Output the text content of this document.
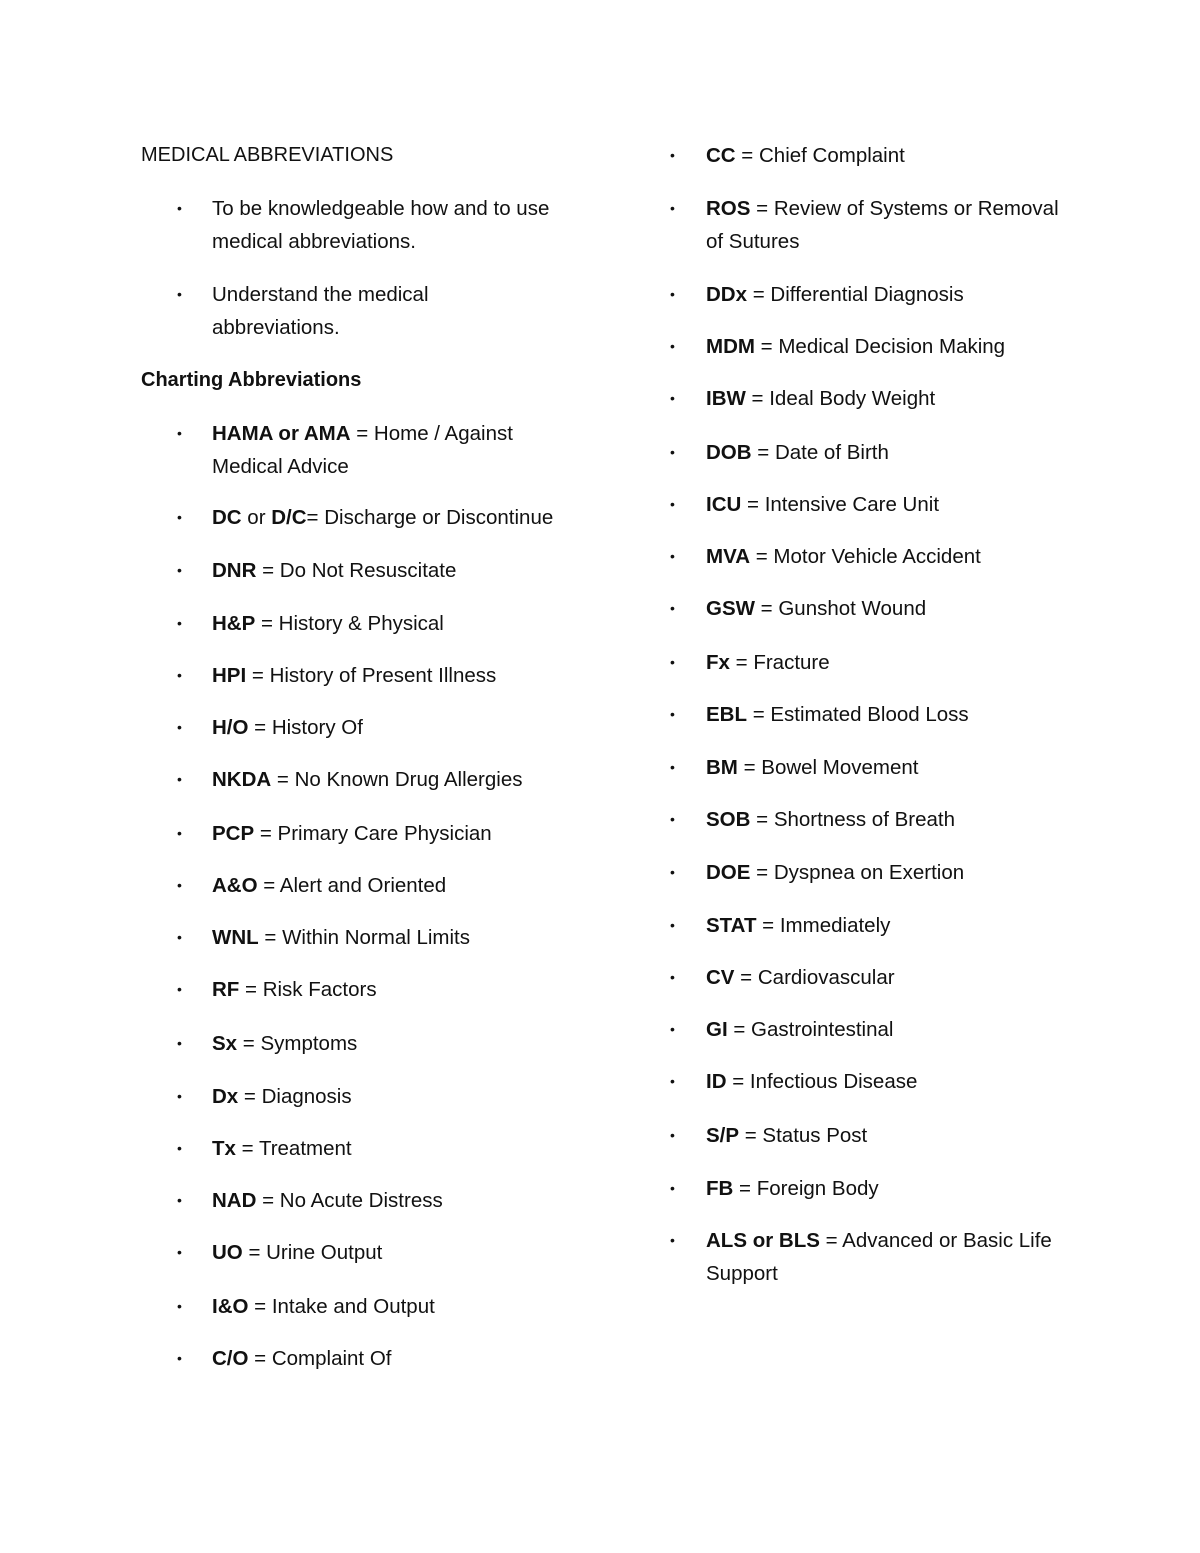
MEDICAL ABBREVIATIONS
• To be knowledgeable how and to use medical abbreviations.
• Understand the medical abbreviations.
Charting Abbreviations
• HAMA or AMA = Home / Against Medical Advice
• DC or D/C= Discharge or Discontinue
• DNR = Do Not Resuscitate
• H&P = History & Physical
• HPI = History of Present Illness
• H/O = History Of
• NKDA = No Known Drug Allergies
• PCP = Primary Care Physician
• A&O = Alert and Oriented
• WNL = Within Normal Limits
• RF = Risk Factors
• Sx = Symptoms
• Dx = Diagnosis
• Tx = Treatment
• NAD = No Acute Distress
• UO = Urine Output
• I&O = Intake and Output
• C/O = Complaint Of
• CC = Chief Complaint
• ROS = Review of Systems or Removal of Sutures
• DDx = Differential Diagnosis
• MDM = Medical Decision Making
• IBW = Ideal Body Weight
• DOB = Date of Birth
• ICU = Intensive Care Unit
• MVA = Motor Vehicle Accident
• GSW = Gunshot Wound
• Fx = Fracture
• EBL = Estimated Blood Loss
• BM = Bowel Movement
• SOB = Shortness of Breath
• DOE = Dyspnea on Exertion
• STAT = Immediately
• CV = Cardiovascular
• GI = Gastrointestinal
• ID = Infectious Disease
• S/P = Status Post
• FB = Foreign Body
• ALS or BLS = Advanced or Basic Life Support
